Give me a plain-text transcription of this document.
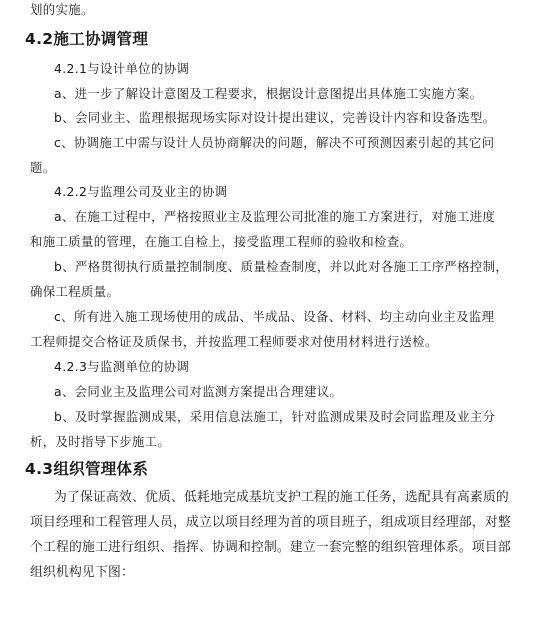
划的实施。
4.2施工协调管理
4.2.1与设计单位的协调
a、进一步了解设计意图及工程要求，根据设计意图提出具体施工实施方案。
b、会同业主、监理根据现场实际对设计提出建议，完善设计内容和设备选型。
c、协调施工中需与设计人员协商解决的问题，解决不可预测因素引起的其它问
题。
4.2.2与监理公司及业主的协调
a、在施工过程中，严格按照业主及监理公司批准的施工方案进行，对施工进度
和施工质量的管理，在施工自检上，接受监理工程师的验收和检查。
b、严格贯彻执行质量控制制度、质量检查制度，并以此对各施工工序严格控制，
确保工程质量。
c、所有进入施工现场使用的成品、半成品、设备、材料、均主动向业主及监理
工程师提交合格证及质保书，并按监理工程师要求对使用材料进行送检。
4.2.3与监测单位的协调
a、会同业主及监理公司对监测方案提出合理建议。
b、及时掌握监测成果，采用信息法施工，针对监测成果及时会同监理及业主分
析，及时指导下步施工。
4.3组织管理体系
为了保证高效、优质、低耗地完成基坑支护工程的施工任务，选配具有高素质的
项目经理和工程管理人员，成立以项目经理为首的项目班子，组成项目经理部，对整
个工程的施工进行组织、指挥、协调和控制。建立一套完整的组织管理体系。项目部
组织机构见下图：
